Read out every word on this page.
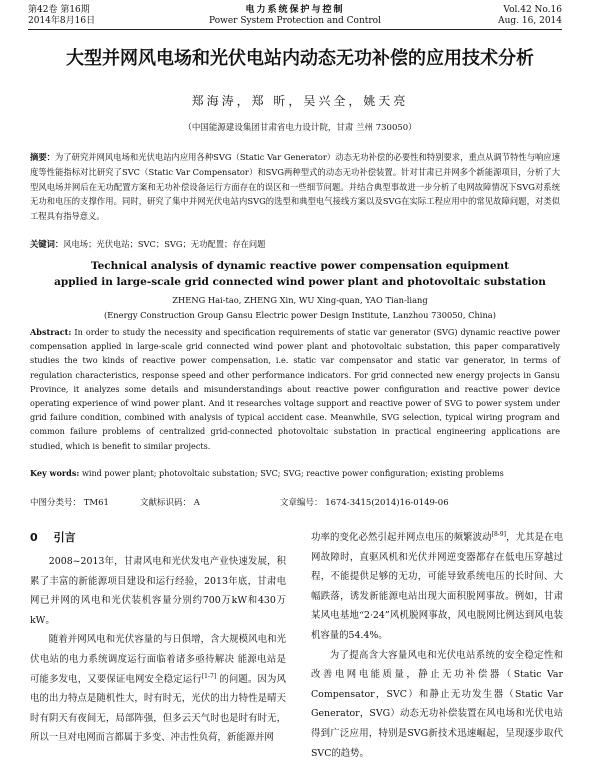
第42卷 第16期
2014年8月16日
电力系统保护与控制
Power System Protection and Control
Vol.42 No.16
Aug. 16, 2014
大型并网风电场和光伏电站内动态无功补偿的应用技术分析
郑海涛，郑 昕，吴兴全，姚天亮
（中国能源建设集团甘肃省电力设计院，甘肃 兰州 730050）
摘要：为了研究并网风电场和光伏电站内应用各种SVG（Static Var Generator）动态无功补偿的必要性和特别要求，重点从调节特性与响应速度等性能指标对比研究了SVC（Static Var Compensator）和SVG两种型式的动态无功补偿装置。针对甘肃已并网多个新能源项目，分析了大型风电场并网后在无功配置方案和无功补偿设备运行方面存在的误区和一些细节问题。并结合典型事故进一步分析了电网故障情况下SVG对系统无功和电压的支撑作用。同时，研究了集中并网光伏电站内SVG的选型和典型电气接线方案以及SVG在实际工程应用中的常见故障问题，对类似工程具有指导意义。
关键词：风电场；光伏电站；SVC；SVG；无功配置；存在问题
Technical analysis of dynamic reactive power compensation equipment
applied in large-scale grid connected wind power plant and photovoltaic substation
ZHENG Hai-tao, ZHENG Xin, WU Xing-quan, YAO Tian-liang
(Energy Construction Group Gansu Electric power Design Institute, Lanzhou 730050, China)
Abstract: In order to study the necessity and specification requirements of static var generator (SVG) dynamic reactive power compensation applied in large-scale grid connected wind power plant and photovoltaic substation, this paper comparatively studies the two kinds of reactive power compensation, i.e. static var compensator and static var generator, in terms of regulation characteristics, response speed and other performance indicators. For grid connected new energy projects in Gansu Province, it analyzes some details and misunderstandings about reactive power configuration and reactive power device operating experience of wind power plant. And it researches voltage support and reactive power of SVG to power system under grid failure condition, combined with analysis of typical accident case. Meanwhile, SVG selection, typical wiring program and common failure problems of centralized grid-connected photovoltaic substation in practical engineering applications are studied, which is benefit to similar projects.
Key words: wind power plant; photovoltaic substation; SVC; SVG; reactive power configuration; existing problems
中图分类号： TM61	文献标识码： A	文章编号： 1674-3415(2014)16-0149-06
0 引言

2008~2013年，甘肃风电和光伏发电产业快速发展，积累了丰富的新能源项目建设和运行经验，2013年底，甘肃电网已并网的风电和光伏装机容量分别约700万kW和430万kW。

随着并网风电和光伏容量的与日俱增，含大规模风电和光伏电站的电力系统调度运行面临着诸多亟待解决 能源电站是可能多发电，又要保证电网安全稳定运行[1-7] 的问题。因为风电的出力特点是随机性大，时有时无，光伏的出力特性是晴天时有阴天有夜间无，局部阵强，但多云天气时也是时有时无，所以一旦对电网而言都属于多变、冲击性负荷，新能源并网

功率的变化必然引起并网点电压的频繁波动[8-9]，尤其是在电网故障时，直驱风机和光伏并网逆变器都存在低电压穿越过程，不能提供足够的无功，可能导致系统电压的长时间、大幅跌落，诱发新能源电站出现大面积脱网事故。例如，甘肃某风电基地“2·24”风机脱网事故，风电脱网比例达到风电装机容量的54.4%。

为了提高含大容量风电和光伏电站系统的安全稳定性和改善电网电能质量，静止无功补偿器（Static Var Compensator，SVC）和静止无功发生器（Static Var Generator，SVG）动态无功补偿装置在风电场和光伏电站得到广泛应用，特别是SVG新技术迅速崛起，呈现逐步取代SVC的趋势。
